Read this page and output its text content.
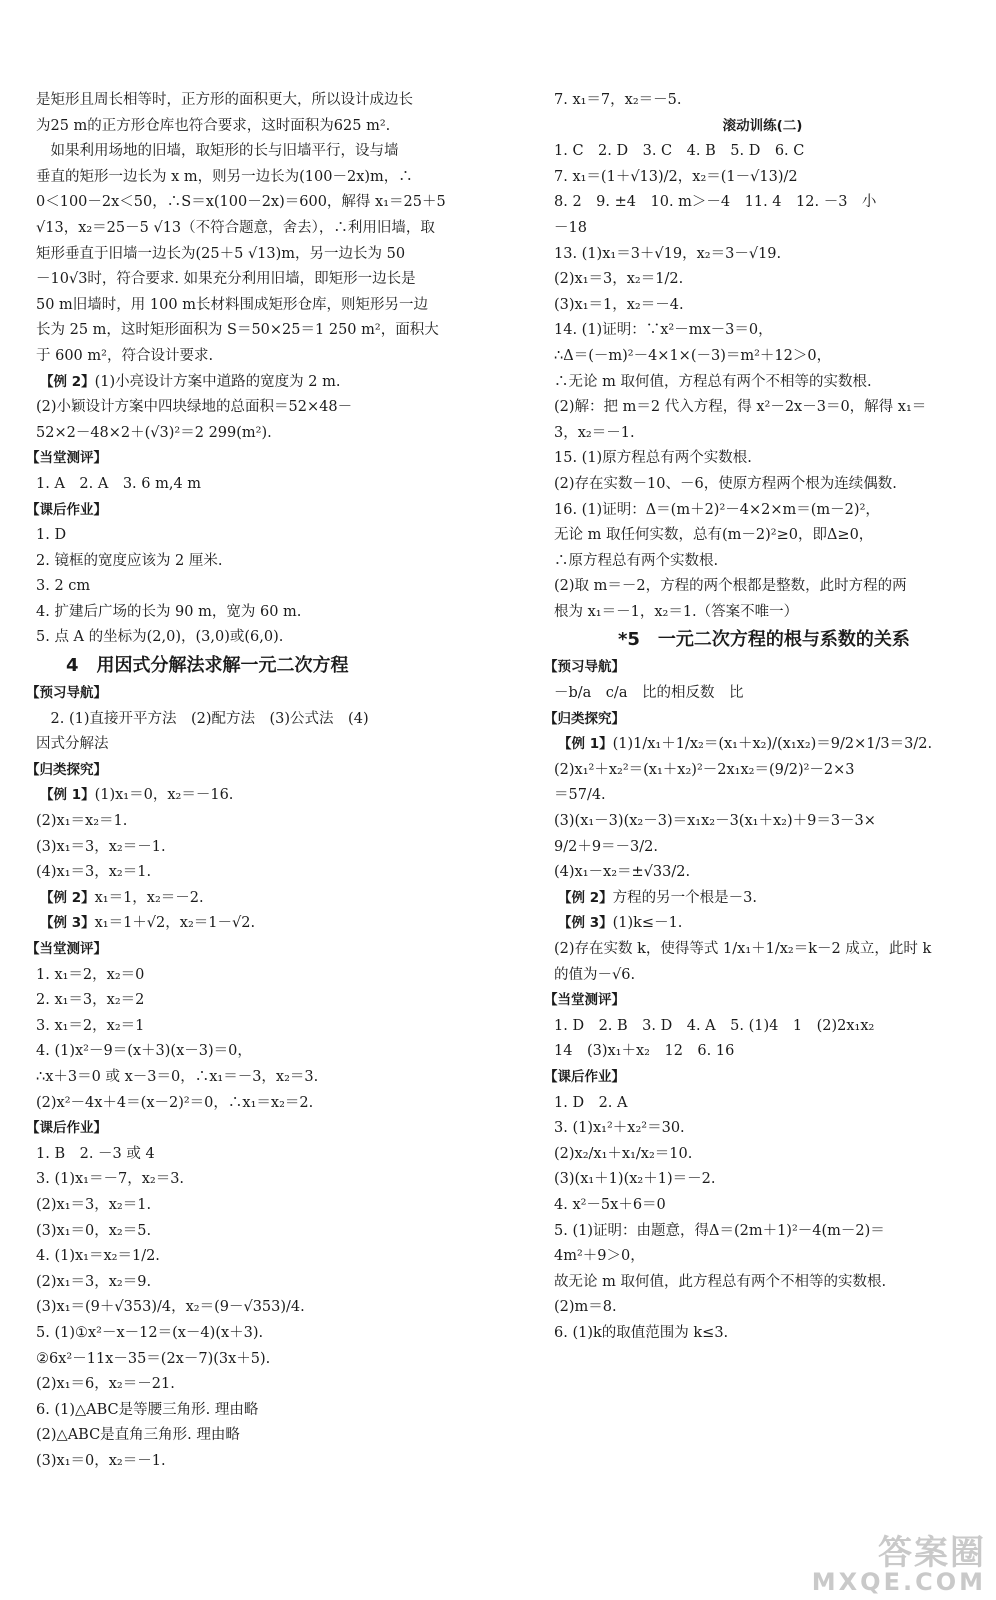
是矩形且周长相等时，正方形的面积更大，所以设计成边长
为25 m的正方形仓库也符合要求，这时面积为625 m².
　如果利用场地的旧墙，取矩形的长与旧墙平行，设与墙
垂直的矩形一边长为 x m，则另一边长为(100－2x)m，∴
0＜100－2x＜50，∴S＝x(100－2x)＝600，解得 x₁＝25＋5
√13，x₂＝25－5 √13（不符合题意，舍去），∴利用旧墙，取
矩形垂直于旧墙一边长为(25＋5 √13)m，另一边长为 50
－10√3时，符合要求. 如果充分利用旧墙，即矩形一边长是
50 m旧墙时，用 100 m长材料围成矩形仓库，则矩形另一边
长为 25 m，这时矩形面积为 S＝50×25＝1 250 m²，面积大
于 600 m²，符合设计要求.
【例 2】(1)小亮设计方案中道路的宽度为 2 m.
(2)小颖设计方案中四块绿地的总面积＝52×48－
52×2－48×2＋(√3)²＝2 299(m²).
【当堂测评】
1. A　2. A　3. 6 m,4 m
【课后作业】
1. D
2. 镜框的宽度应该为 2 厘米.
3. 2 cm
4. 扩建后广场的长为 90 m，宽为 60 m.
5. 点 A 的坐标为(2,0)，(3,0)或(6,0).
4　用因式分解法求解一元二次方程
【预习导航】
　2. (1)直接开平方法　(2)配方法　(3)公式法　(4)
因式分解法
【归类探究】
【例 1】(1)x₁＝0，x₂＝－16.
(2)x₁＝x₂＝1.
(3)x₁＝3，x₂＝－1.
(4)x₁＝3，x₂＝1.
【例 2】x₁＝1，x₂＝－2.
【例 3】x₁＝1＋√2，x₂＝1－√2.
【当堂测评】
1. x₁＝2，x₂＝0
2. x₁＝3，x₂＝2
3. x₁＝2，x₂＝1
4. (1)x²－9＝(x＋3)(x－3)＝0，
∴x＋3＝0 或 x－3＝0，∴x₁＝－3，x₂＝3.
(2)x²－4x＋4＝(x－2)²＝0，∴x₁＝x₂＝2.
【课后作业】
1. B　2. －3 或 4
3. (1)x₁＝－7，x₂＝3.
(2)x₁＝3，x₂＝1.
(3)x₁＝0，x₂＝5.
4. (1)x₁＝x₂＝1/2.
(2)x₁＝3，x₂＝9.
(3)x₁＝(9＋√353)/4，x₂＝(9－√353)/4.
5. (1)①x²－x－12＝(x－4)(x＋3).
②6x²－11x－35＝(2x－7)(3x＋5).
(2)x₁＝6，x₂＝－21.
6. (1)△ABC是等腰三角形. 理由略
(2)△ABC是直角三角形. 理由略
(3)x₁＝0，x₂＝－1.
7. x₁＝7，x₂＝－5.
滚动训练(二)
1. C　2. D　3. C　4. B　5. D　6. C
7. x₁＝(1＋√13)/2，x₂＝(1－√13)/2
8. 2　9. ±4　10. m＞－4　11. 4　12. －3　小
－18
13. (1)x₁＝3＋√19，x₂＝3－√19.
(2)x₁＝3，x₂＝1/2.
(3)x₁＝1，x₂＝－4.
14. (1)证明：∵x²－mx－3＝0，
∴Δ＝(－m)²－4×1×(－3)＝m²＋12＞0，
∴无论 m 取何值，方程总有两个不相等的实数根.
(2)解：把 m＝2 代入方程，得 x²－2x－3＝0，解得 x₁＝
3，x₂＝－1.
15. (1)原方程总有两个实数根.
(2)存在实数－10、－6，使原方程两个根为连续偶数.
16. (1)证明：Δ＝(m＋2)²－4×2×m＝(m－2)²，
无论 m 取任何实数，总有(m－2)²≥0，即Δ≥0，
∴原方程总有两个实数根.
(2)取 m＝－2，方程的两个根都是整数，此时方程的两
根为 x₁＝－1，x₂＝1.（答案不唯一）
*5　一元二次方程的根与系数的关系
【预习导航】
－b/a　c/a　比的相反数　比
【归类探究】
【例 1】(1)1/x₁＋1/x₂＝(x₁＋x₂)/(x₁x₂)＝9/2×1/3＝3/2.
(2)x₁²＋x₂²＝(x₁＋x₂)²－2x₁x₂＝(9/2)²－2×3
＝57/4.
(3)(x₁－3)(x₂－3)＝x₁x₂－3(x₁＋x₂)＋9＝3－3×
9/2＋9＝－3/2.
(4)x₁－x₂＝±√33/2.
【例 2】方程的另一个根是－3.
【例 3】(1)k≤－1.
(2)存在实数 k，使得等式 1/x₁＋1/x₂＝k－2 成立，此时 k
的值为－√6.
【当堂测评】
1. D　2. B　3. D　4. A　5. (1)4　1　(2)2x₁x₂
14　(3)x₁＋x₂　12　6. 16
【课后作业】
1. D　2. A
3. (1)x₁²＋x₂²＝30.
(2)x₂/x₁＋x₁/x₂＝10.
(3)(x₁＋1)(x₂＋1)＝－2.
4. x²－5x＋6＝0
5. (1)证明：由题意，得Δ＝(2m＋1)²－4(m－2)＝
4m²＋9＞0，
故无论 m 取何值，此方程总有两个不相等的实数根.
(2)m＝8.
6. (1)k的取值范围为 k≤3.
答案圈
MXQE.COM
